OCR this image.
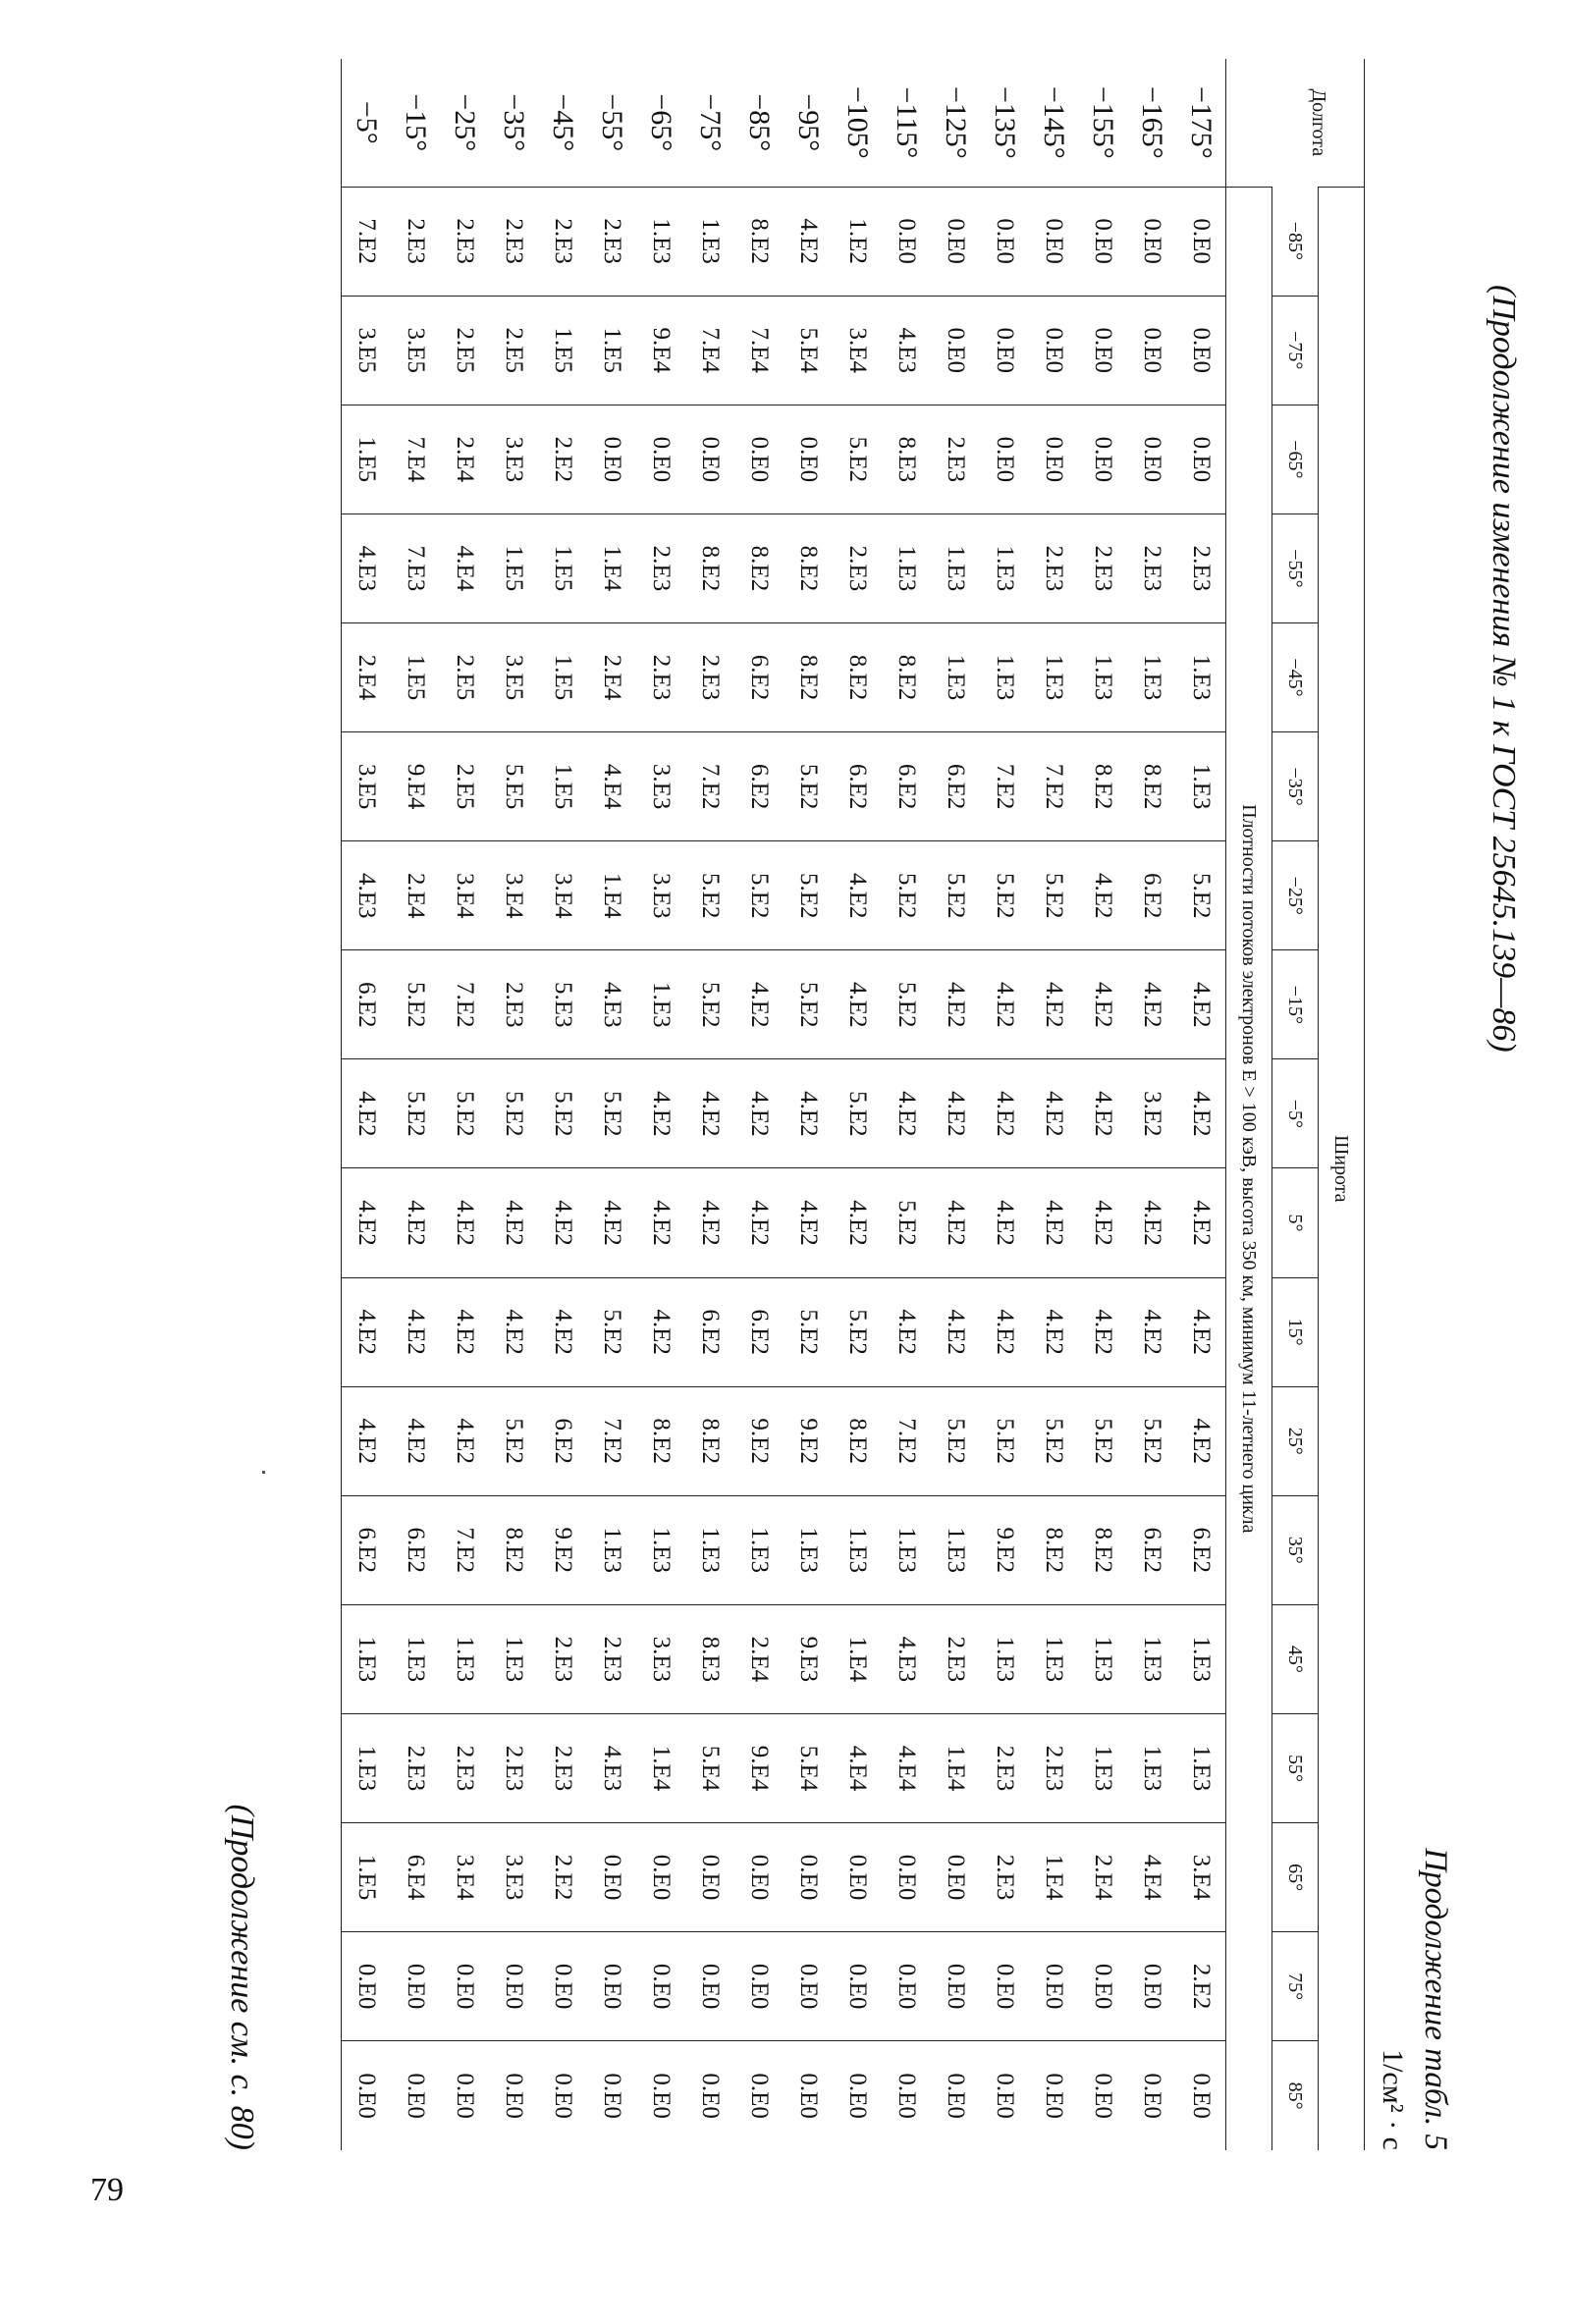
(Продолжение изменения № 1 к ГОСТ 25645.139—86)
Продолжение табл. 5
1/см² · с
Долгота	Широта																	
	−85°	−75°	−65°	−55°	−45°	−35°	−25°	−15°	−5°	5°	15°	25°	35°	45°	55°	65°	75°	85°
	Плотности потоков электронов E > 100 кэВ, высота 350 км, минимум 11-летнего цикла																	
−175°	0.E0	0.E0	0.E0	2.E3	1.E3	1.E3	5.E2	4.E2	4.E2	4.E2	4.E2	4.E2	6.E2	1.E3	1.E3	3.E4	2.E2	0.E0
−165°	0.E0	0.E0	0.E0	2.E3	1.E3	8.E2	6.E2	4.E2	3.E2	4.E2	4.E2	5.E2	6.E2	1.E3	1.E3	4.E4	0.E0	0.E0
−155°	0.E0	0.E0	0.E0	2.E3	1.E3	8.E2	4.E2	4.E2	4.E2	4.E2	4.E2	5.E2	8.E2	1.E3	1.E3	2.E4	0.E0	0.E0
−145°	0.E0	0.E0	0.E0	2.E3	1.E3	7.E2	5.E2	4.E2	4.E2	4.E2	4.E2	5.E2	8.E2	1.E3	2.E3	1.E4	0.E0	0.E0
−135°	0.E0	0.E0	0.E0	1.E3	1.E3	7.E2	5.E2	4.E2	4.E2	4.E2	4.E2	5.E2	9.E2	1.E3	2.E3	2.E3	0.E0	0.E0
−125°	0.E0	0.E0	2.E3	1.E3	1.E3	6.E2	5.E2	4.E2	4.E2	4.E2	4.E2	5.E2	1.E3	2.E3	1.E4	0.E0	0.E0	0.E0
−115°	0.E0	4.E3	8.E3	1.E3	8.E2	6.E2	5.E2	5.E2	4.E2	5.E2	4.E2	7.E2	1.E3	4.E3	4.E4	0.E0	0.E0	0.E0
−105°	1.E2	3.E4	5.E2	2.E3	8.E2	6.E2	4.E2	4.E2	5.E2	4.E2	5.E2	8.E2	1.E3	1.E4	4.E4	0.E0	0.E0	0.E0
−95°	4.E2	5.E4	0.E0	8.E2	8.E2	5.E2	5.E2	5.E2	4.E2	4.E2	5.E2	9.E2	1.E3	9.E3	5.E4	0.E0	0.E0	0.E0
−85°	8.E2	7.E4	0.E0	8.E2	6.E2	6.E2	5.E2	4.E2	4.E2	4.E2	6.E2	9.E2	1.E3	2.E4	9.E4	0.E0	0.E0	0.E0
−75°	1.E3	7.E4	0.E0	8.E2	2.E3	7.E2	5.E2	5.E2	4.E2	4.E2	6.E2	8.E2	1.E3	8.E3	5.E4	0.E0	0.E0	0.E0
−65°	1.E3	9.E4	0.E0	2.E3	2.E3	3.E3	3.E3	1.E3	4.E2	4.E2	4.E2	8.E2	1.E3	3.E3	1.E4	0.E0	0.E0	0.E0
−55°	2.E3	1.E5	0.E0	1.E4	2.E4	4.E4	1.E4	4.E3	5.E2	4.E2	5.E2	7.E2	1.E3	2.E3	4.E3	0.E0	0.E0	0.E0
−45°	2.E3	1.E5	2.E2	1.E5	1.E5	1.E5	3.E4	5.E3	5.E2	4.E2	4.E2	6.E2	9.E2	2.E3	2.E3	2.E2	0.E0	0.E0
−35°	2.E3	2.E5	3.E3	1.E5	3.E5	5.E5	3.E4	2.E3	5.E2	4.E2	4.E2	5.E2	8.E2	1.E3	2.E3	3.E3	0.E0	0.E0
−25°	2.E3	2.E5	2.E4	4.E4	2.E5	2.E5	3.E4	7.E2	5.E2	4.E2	4.E2	4.E2	7.E2	1.E3	2.E3	3.E4	0.E0	0.E0
−15°	2.E3	3.E5	7.E4	7.E3	1.E5	9.E4	2.E4	5.E2	5.E2	4.E2	4.E2	4.E2	6.E2	1.E3	2.E3	6.E4	0.E0	0.E0
−5°	7.E2	3.E5	1.E5	4.E3	2.E4	3.E5	4.E3	6.E2	4.E2	4.E2	4.E2	4.E2	6.E2	1.E3	1.E3	1.E5	0.E0	0.E0
(Продолжение см. с. 80)
79
